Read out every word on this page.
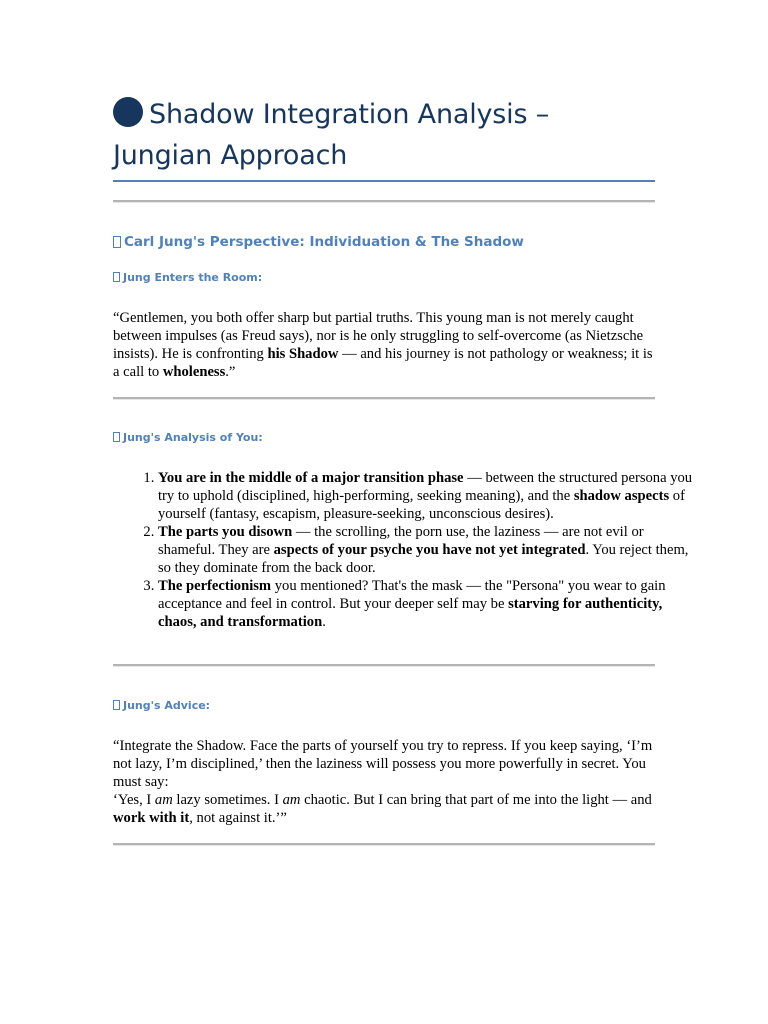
Shadow Integration Analysis – Jungian Approach
Carl Jung's Perspective: Individuation & The Shadow
Jung Enters the Room:

“Gentlemen, you both offer sharp but partial truths. This young man is not merely caught between impulses (as Freud says), nor is he only struggling to self-overcome (as Nietzsche insists). He is confronting his Shadow — and his journey is not pathology or weakness; it is a call to wholeness.”

Jung's Analysis of You:
1. You are in the middle of a major transition phase — between the structured persona you try to uphold (disciplined, high-performing, seeking meaning), and the shadow aspects of yourself (fantasy, escapism, pleasure-seeking, unconscious desires).
2. The parts you disown — the scrolling, the porn use, the laziness — are not evil or shameful. They are aspects of your psyche you have not yet integrated. You reject them, so they dominate from the back door.
3. The perfectionism you mentioned? That's the mask — the "Persona" you wear to gain acceptance and feel in control. But your deeper self may be starving for authenticity, chaos, and transformation.
Jung's Advice:

“Integrate the Shadow. Face the parts of yourself you try to repress. If you keep saying, ‘I’m not lazy, I’m disciplined,’ then the laziness will possess you more powerfully in secret. You must say:
‘Yes, I am lazy sometimes. I am chaotic. But I can bring that part of me into the light — and work with it, not against it.’”
